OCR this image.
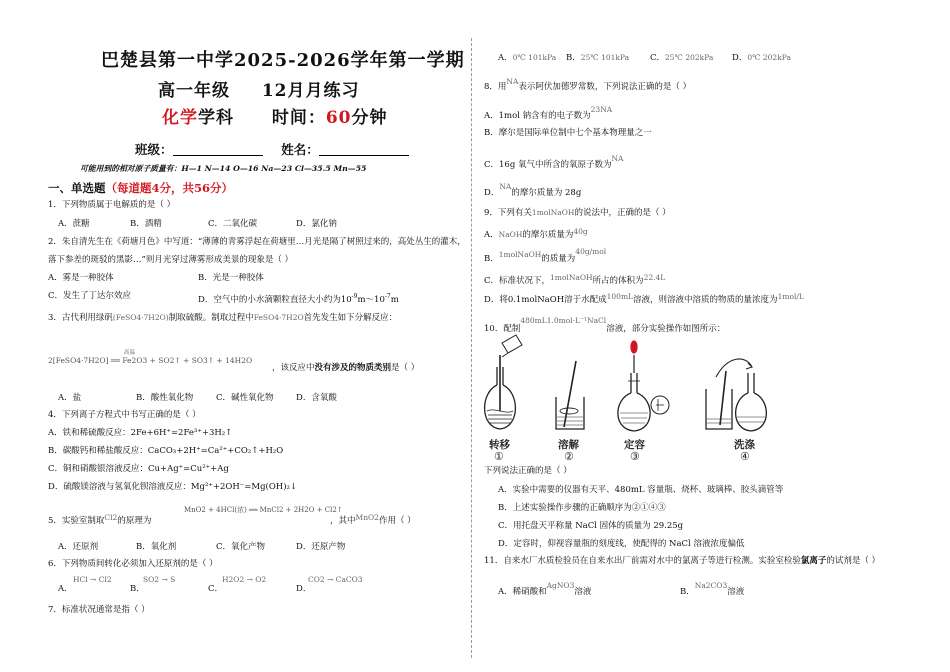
巴楚县第一中学2025-2026学年第一学期
高一年级 12月月练习
化学学科 时间：60分钟
班级：	姓名：
可能用到的相对原子质量有：H—1 N—14 O—16 Na—23 Cl—35.5 Mn—55
一、单选题（每道题4分，共56分）
1．下列物质属于电解质的是（ ）
A．蔗糖	B．酒精	C．二氧化碳	D．氯化钠
2．朱自清先生在《荷塘月色》中写道：“薄薄的青雾浮起在荷塘里…月光是隔了树照过来的，高处丛生的灌木，
落下参差的斑驳的黑影…”则月光穿过薄雾形成美景的现象是（ ）
A．雾是一种胶体	B．光是一种胶体
C．发生了丁达尔效应	D．空气中的小水滴颗粒直径大小约为$10^{-9}m\sim 10^{-7}m$
3．古代利用绿矾(FeSO4·7H2O)制取硫酸。制取过程中FeSO4·7H2O首先发生如下分解反应：
2[FeSO4·7H2O] ══ Fe2O3 + SO2↑ + SO3↑ + 14H2O
高温
，该反应中没有涉及的物质类别是（ ）
A．盐	B．酸性氧化物	C．碱性氧化物	D．含氧酸
4．下列离子方程式中书写正确的是（ ）
A．铁和稀硫酸反应：2Fe+6H⁺=2Fe³⁺+3H₂↑
B．碳酸钙和稀盐酸反应：CaCO₃+2H⁺=Ca²⁺+CO₂↑+H₂O
C．铜和硝酸银溶液反应：Cu+Ag⁺=Cu²⁺+Ag
D．硫酸镁溶液与氢氧化钡溶液反应：Mg²⁺+2OH⁻=Mg(OH)₂↓
5．实验室制取Cl2的原理为
MnO2 + 4HCl(浓) ══ MnCl2 + 2H2O + Cl2↑
，其中MnO2作用（ ）
A．还原剂	B．氧化剂	C．氧化产物	D．还原产物
6．下列物质间转化必须加入还原剂的是（ ）
A．
HCl → Cl2
B．
SO2 → S
C．
H2O2 → O2
D．
CO2 → CaCO3
7．标准状况通常是指（ ）
A．0℃ 101kPa B．25℃ 101kPa C．25℃ 202kPa D．0℃ 202kPa
8．用NA表示阿伏加德罗常数，下列说法正确的是（ ）
A．1mol 钠含有的电子数为23NA
B．摩尔是国际单位制中七个基本物理量之一
C．16g 氧气中所含的氧原子数为NA
D．NA的摩尔质量为 28g
9．下列有关1molNaOH的说法中，正确的是（ ）
A．NaOH的摩尔质量为40g
B．1molNaOH的质量为40g/mol
C．标准状况下，1molNaOH所占的体积为22.4L
D．将0.1molNaOH溶于水配成100mL溶液，则溶液中溶质的物质的量浓度为1mol/L
10．配制480mL1.0mol·L⁻¹NaCl溶液，部分实验操作如图所示：
转移	溶解	定容	洗涤
①	②	③	④
下列说法正确的是（ ）
A．实验中需要的仪器有天平、480mL 容量瓶、烧杯、玻璃棒、胶头滴管等
B．上述实验操作步骤的正确顺序为②①④③
C．用托盘天平称量 NaCl 固体的质量为 29.25g
D．定容时，仰视容量瓶的刻度线，使配得的 NaCl 溶液浓度偏低
11．自来水厂水质检验员在自来水出厂前需对水中的氯离子等进行检测。实验室检验氯离子的试剂是（ ）
A．稀硝酸和AgNO3溶液	B．Na2CO3溶液
